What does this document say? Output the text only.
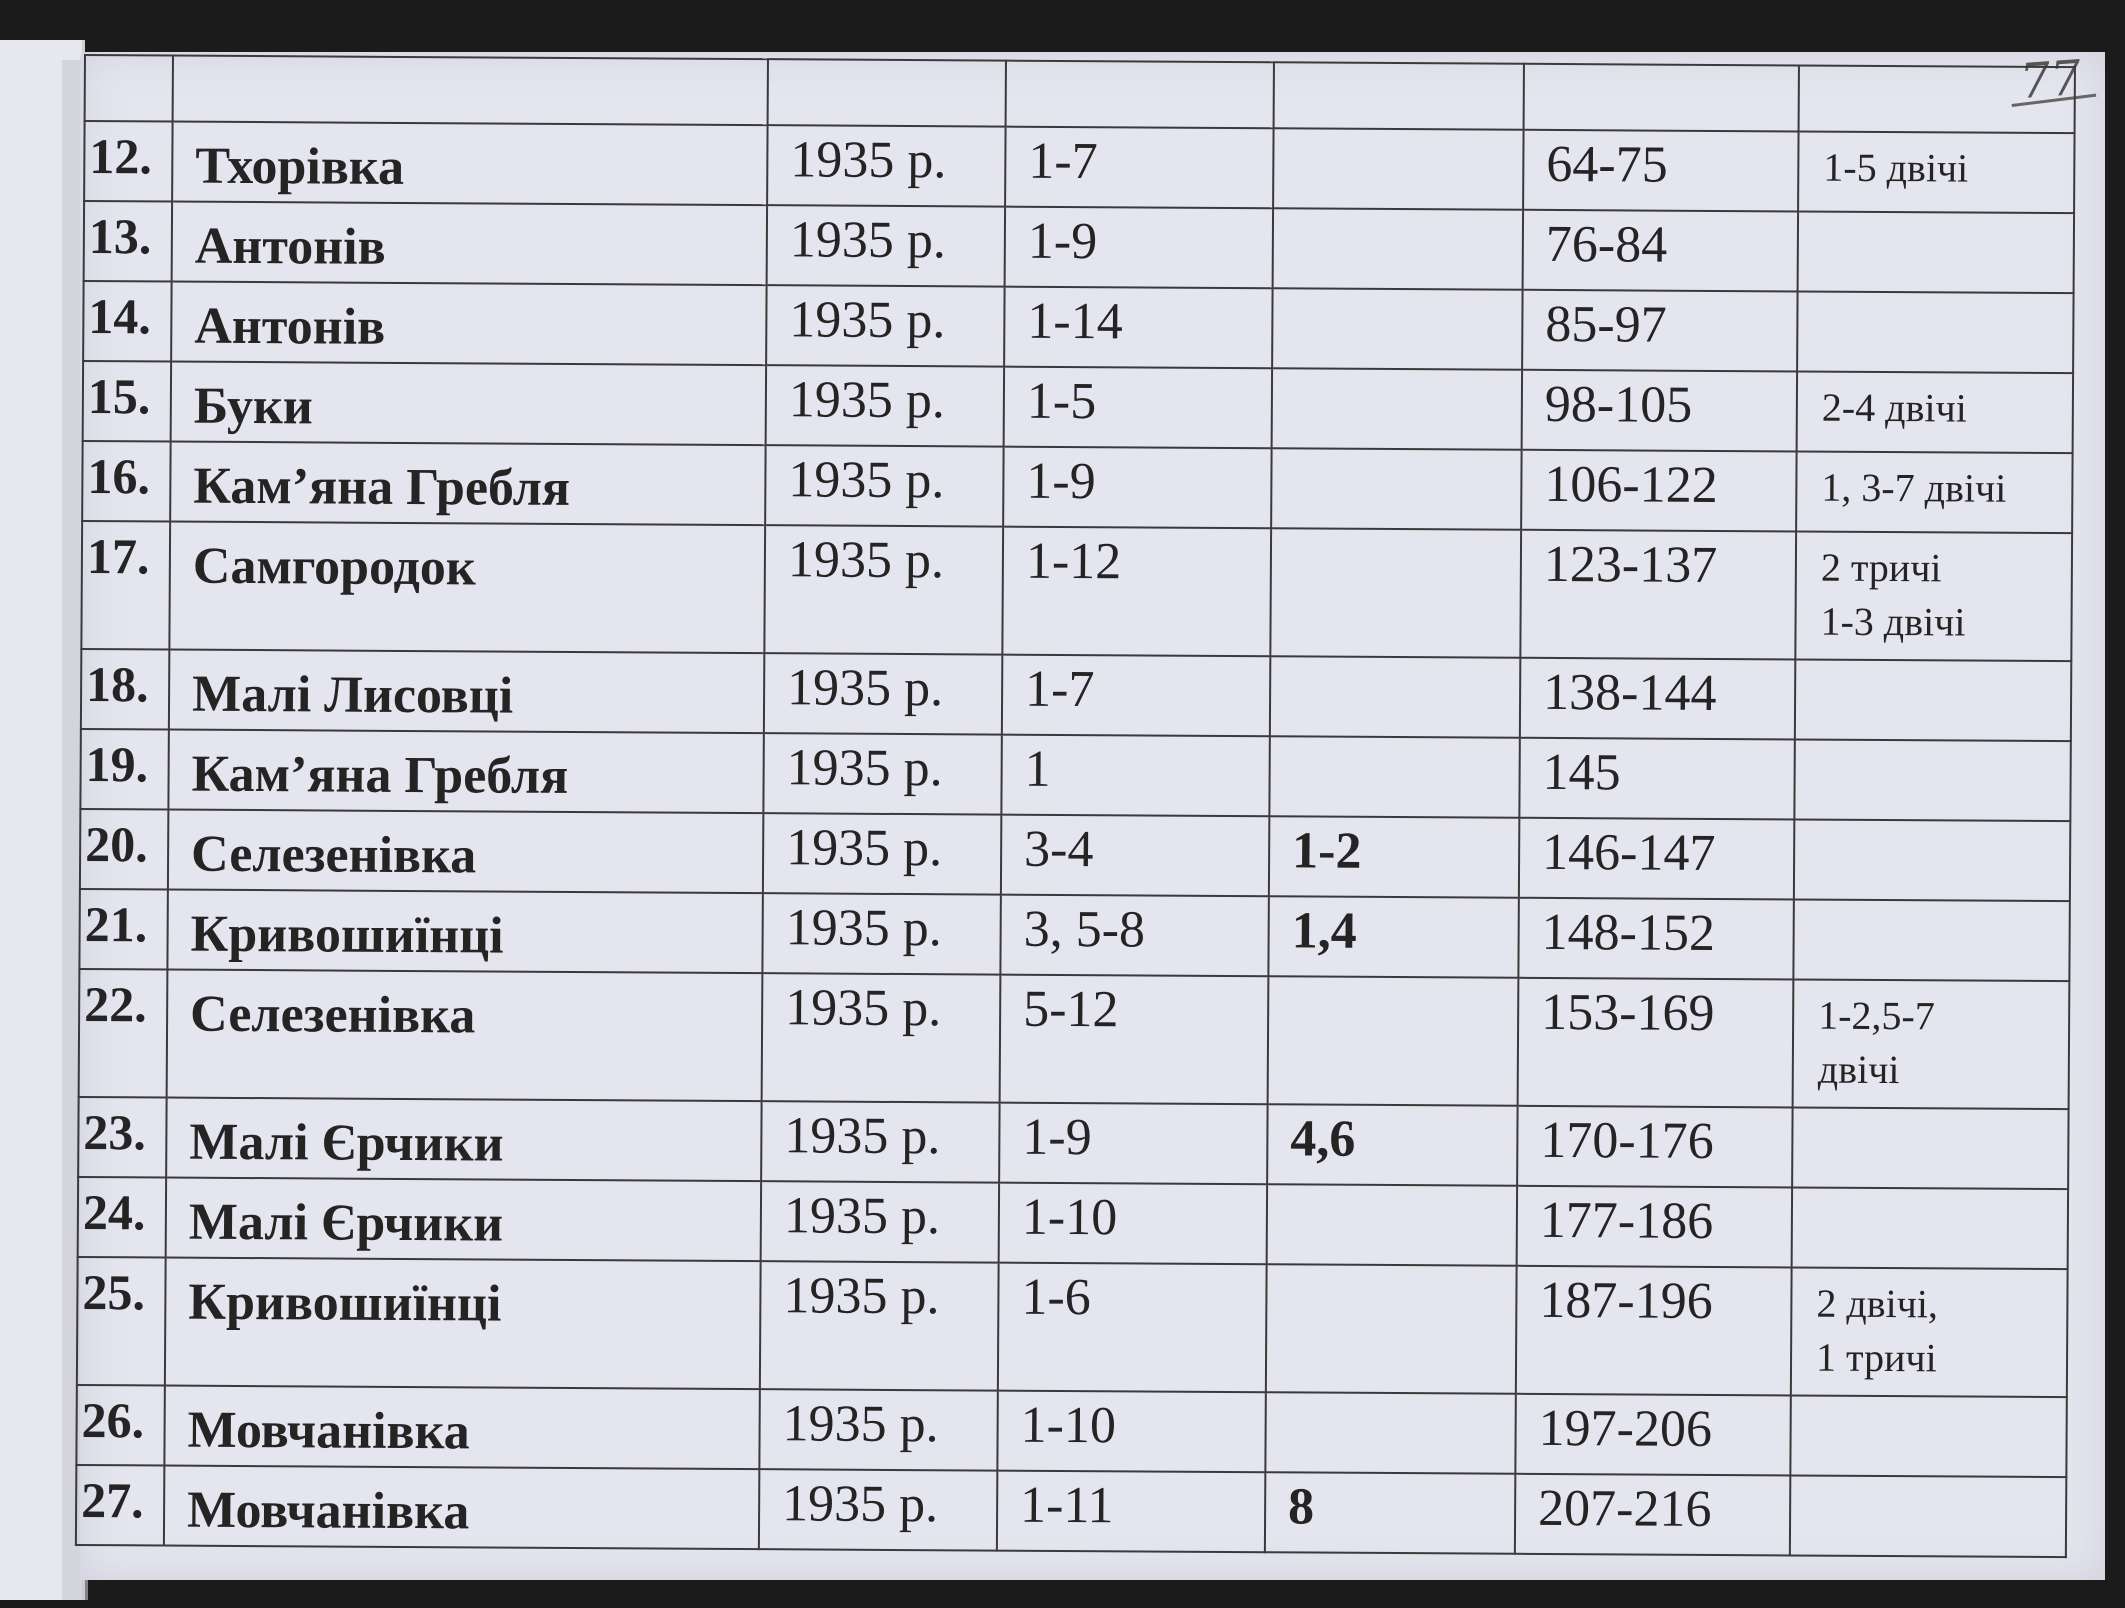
77

12.	Тхорівка	1935 р.	1-7		64-75	1-5 двічі
13.	Антонів	1935 р.	1-9		76-84	
14.	Антонів	1935 р.	1-14		85-97	
15.	Буки	1935 р.	1-5		98-105	2-4 двічі
16.	Кам’яна Гребля	1935 р.	1-9		106-122	1, 3-7 двічі
17.	Самгородок	1935 р.	1-12		123-137	2 тричі
1-3 двічі
18.	Малі Лисовці	1935 р.	1-7		138-144	
19.	Кам’яна Гребля	1935 р.	1		145	
20.	Селезенівка	1935 р.	3-4	1-2	146-147	
21.	Кривошиїнці	1935 р.	3, 5-8	1,4	148-152	
22.	Селезенівка	1935 р.	5-12		153-169	1-2,5-7
двічі
23.	Малі Єрчики	1935 р.	1-9	4,6	170-176	
24.	Малі Єрчики	1935 р.	1-10		177-186	
25.	Кривошиїнці	1935 р.	1-6		187-196	2 двічі,
1 тричі
26.	Мовчанівка	1935 р.	1-10		197-206	
27.	Мовчанівка	1935 р.	1-11	8	207-216	
